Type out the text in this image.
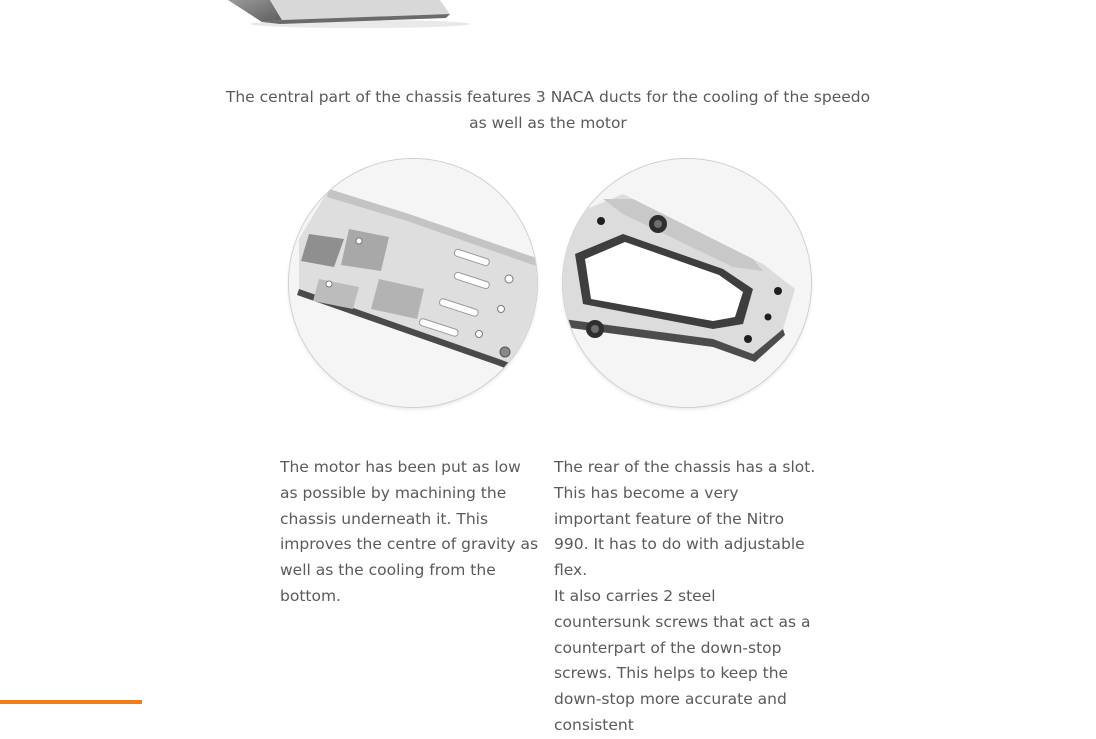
The central part of the chassis features 3 NACA ducts for the cooling of the speedo as well as the motor

The motor has been put as low as possible by machining the chassis underneath it. This improves the centre of gravity as well as the cooling from the bottom.

The rear of the chassis has a slot. This has become a very important feature of the Nitro 990. It has to do with adjustable flex.

It also carries 2 steel countersunk screws that act as a counterpart of the down-stop screws. This helps to keep the down-stop more accurate and consistent
